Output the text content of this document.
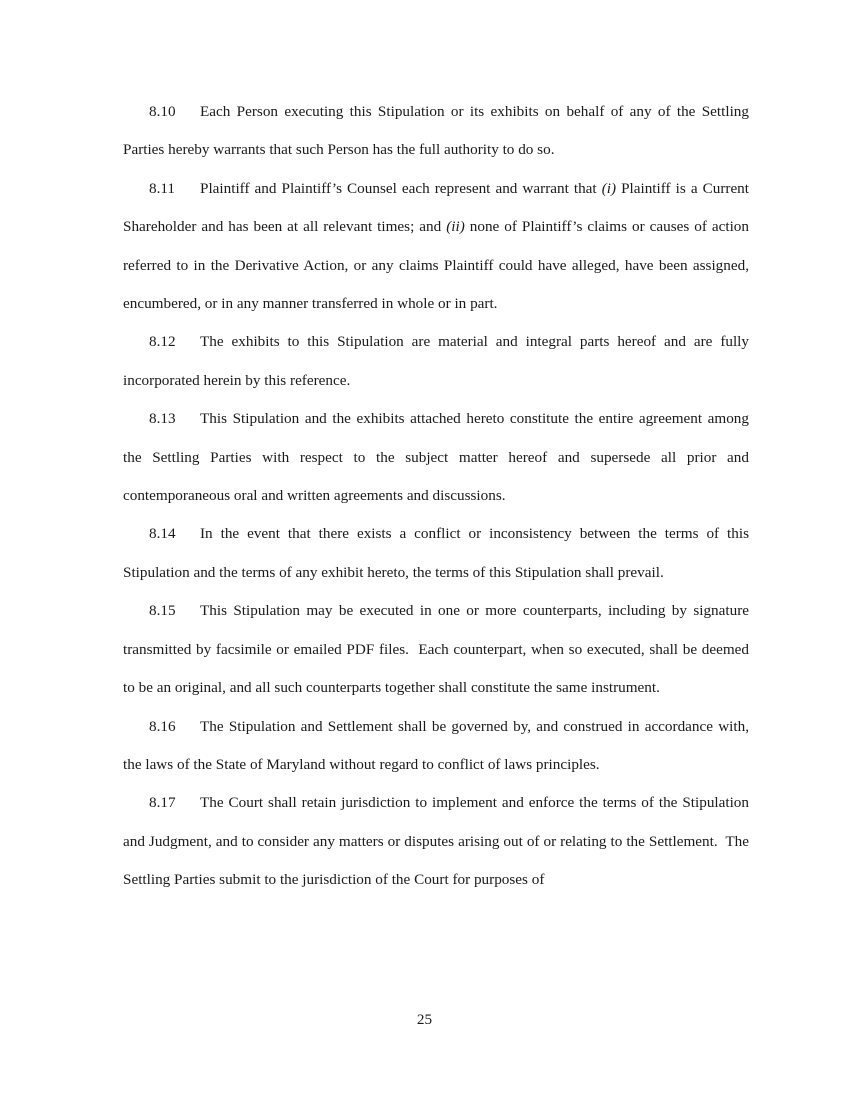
8.10 Each Person executing this Stipulation or its exhibits on behalf of any of the Settling Parties hereby warrants that such Person has the full authority to do so.

8.11 Plaintiff and Plaintiff’s Counsel each represent and warrant that (i) Plaintiff is a Current Shareholder and has been at all relevant times; and (ii) none of Plaintiff’s claims or causes of action referred to in the Derivative Action, or any claims Plaintiff could have alleged, have been assigned, encumbered, or in any manner transferred in whole or in part.

8.12 The exhibits to this Stipulation are material and integral parts hereof and are fully incorporated herein by this reference.

8.13 This Stipulation and the exhibits attached hereto constitute the entire agreement among the Settling Parties with respect to the subject matter hereof and supersede all prior and contemporaneous oral and written agreements and discussions.

8.14 In the event that there exists a conflict or inconsistency between the terms of this Stipulation and the terms of any exhibit hereto, the terms of this Stipulation shall prevail.

8.15 This Stipulation may be executed in one or more counterparts, including by signature transmitted by facsimile or emailed PDF files.  Each counterpart, when so executed, shall be deemed to be an original, and all such counterparts together shall constitute the same instrument.

8.16 The Stipulation and Settlement shall be governed by, and construed in accordance with, the laws of the State of Maryland without regard to conflict of laws principles.

8.17 The Court shall retain jurisdiction to implement and enforce the terms of the Stipulation and Judgment, and to consider any matters or disputes arising out of or relating to the Settlement.  The Settling Parties submit to the jurisdiction of the Court for purposes of

25
